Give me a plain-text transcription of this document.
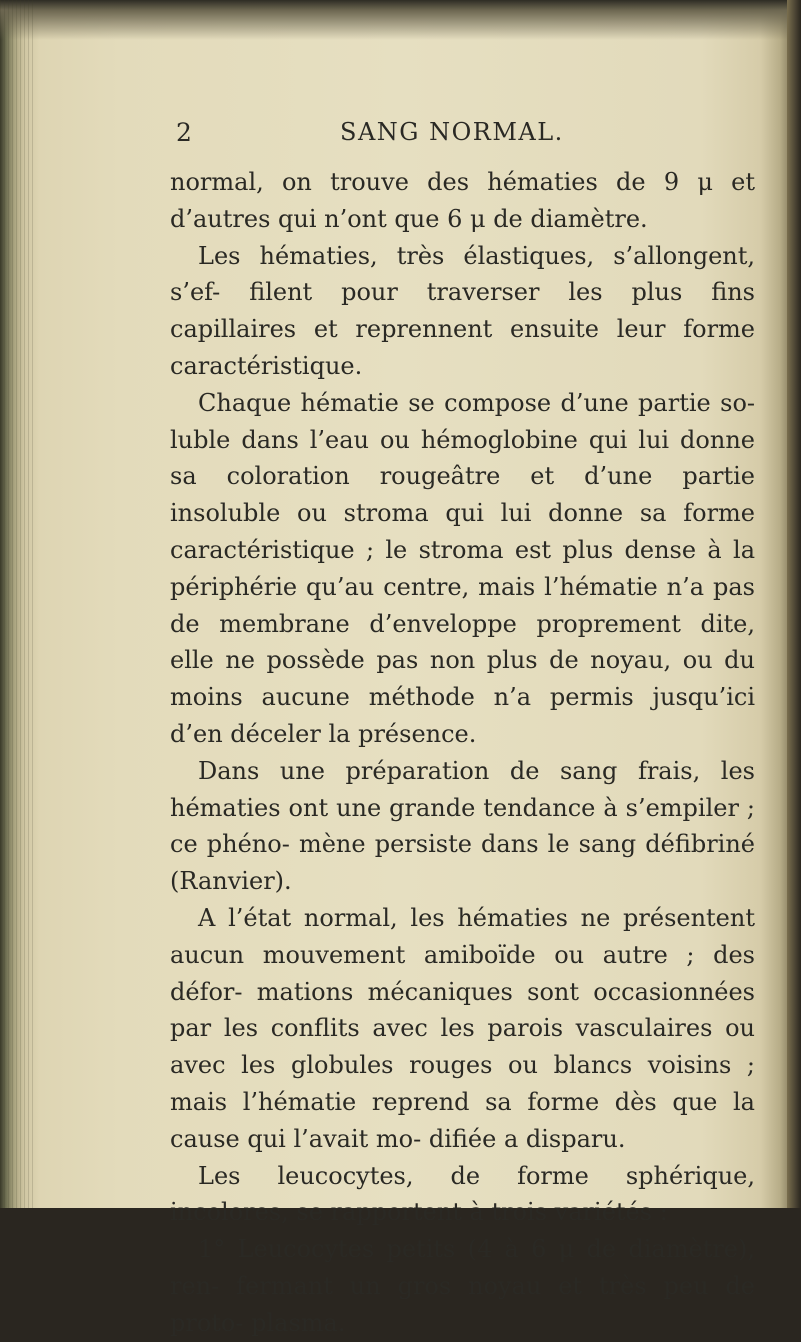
2	SANG NORMAL.

normal, on trouve des hématies de 9 μ et d’autres qui n’ont que 6 μ de diamètre.

Les hématies, très élastiques, s’allongent, s’ef- filent pour traverser les plus fins capillaires et reprennent ensuite leur forme caractéristique.

Chaque hématie se compose d’une partie so- luble dans l’eau ou hémoglobine qui lui donne sa coloration rougeâtre et d’une partie insoluble ou stroma qui lui donne sa forme caractéristique ; le stroma est plus dense à la périphérie qu’au centre, mais l’hématie n’a pas de membrane d’enveloppe proprement dite, elle ne possède pas non plus de noyau, ou du moins aucune méthode n’a permis jusqu’ici d’en déceler la présence.

Dans une préparation de sang frais, les hématies ont une grande tendance à s’empiler ; ce phéno- mène persiste dans le sang défibriné (Ranvier).

A l’état normal, les hématies ne présentent aucun mouvement amiboïde ou autre ; des défor- mations mécaniques sont occasionnées par les conflits avec les parois vasculaires ou avec les globules rouges ou blancs voisins ; mais l’hématie reprend sa forme dès que la cause qui l’avait mo- difiée a disparu.

Les leucocytes, de forme sphérique, incolores, se rapportent à trois variétés :

1° Leucocytes petits (4 à 6 μ de diamètre), ren- fermant un gros noyau et très peu de proto- plasma.
